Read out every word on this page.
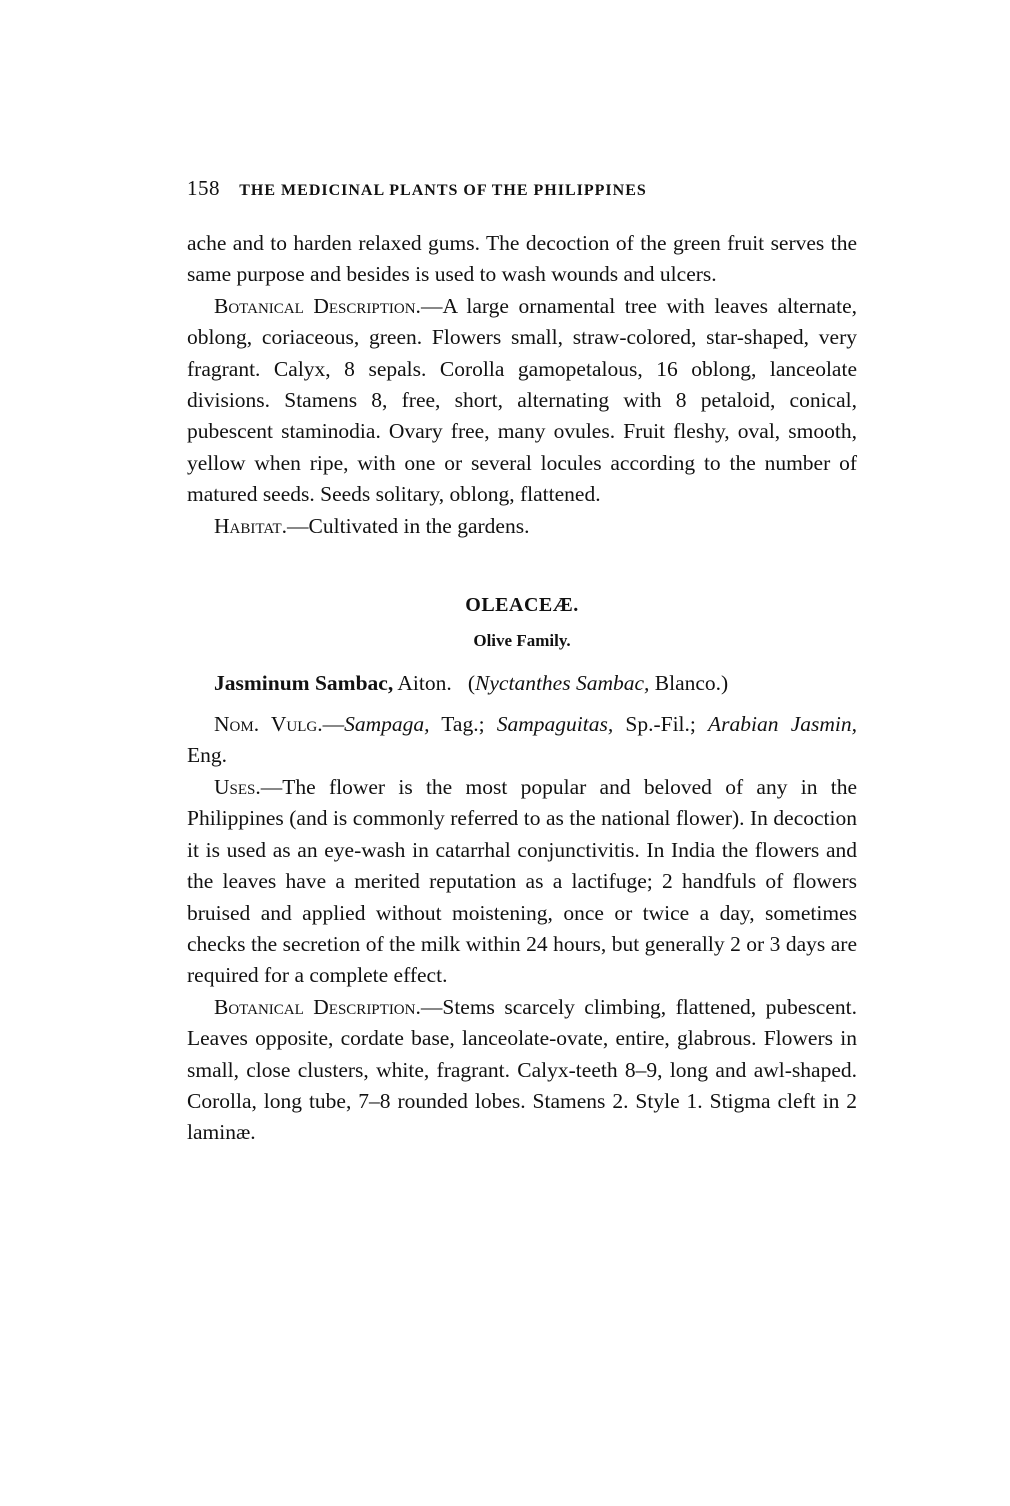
158 THE MEDICINAL PLANTS OF THE PHILIPPINES

ache and to harden relaxed gums. The decoction of the green fruit serves the same purpose and besides is used to wash wounds and ulcers.

Botanical Description.—A large ornamental tree with leaves alternate, oblong, coriaceous, green. Flowers small, straw-colored, star-shaped, very fragrant. Calyx, 8 sepals. Corolla gamopetalous, 16 oblong, lanceolate divisions. Stamens 8, free, short, alternating with 8 petaloid, conical, pubescent staminodia. Ovary free, many ovules. Fruit fleshy, oval, smooth, yellow when ripe, with one or several locules according to the number of matured seeds. Seeds solitary, oblong, flattened.

Habitat.—Cultivated in the gardens.

OLEACEÆ.
Olive Family.
Jasminum Sambac, Aiton. (Nyctanthes Sambac, Blanco.)

Nom. Vulg.—Sampaga, Tag.; Sampaguitas, Sp.-Fil.; Arabian Jasmin, Eng.

Uses.—The flower is the most popular and beloved of any in the Philippines (and is commonly referred to as the national flower). In decoction it is used as an eye-wash in catarrhal conjunctivitis. In India the flowers and the leaves have a merited reputation as a lactifuge; 2 handfuls of flowers bruised and applied without moistening, once or twice a day, sometimes checks the secretion of the milk within 24 hours, but generally 2 or 3 days are required for a complete effect.

Botanical Description.—Stems scarcely climbing, flattened, pubescent. Leaves opposite, cordate base, lanceolate-ovate, entire, glabrous. Flowers in small, close clusters, white, fragrant. Calyx-teeth 8–9, long and awl-shaped. Corolla, long tube, 7–8 rounded lobes. Stamens 2. Style 1. Stigma cleft in 2 laminæ.
